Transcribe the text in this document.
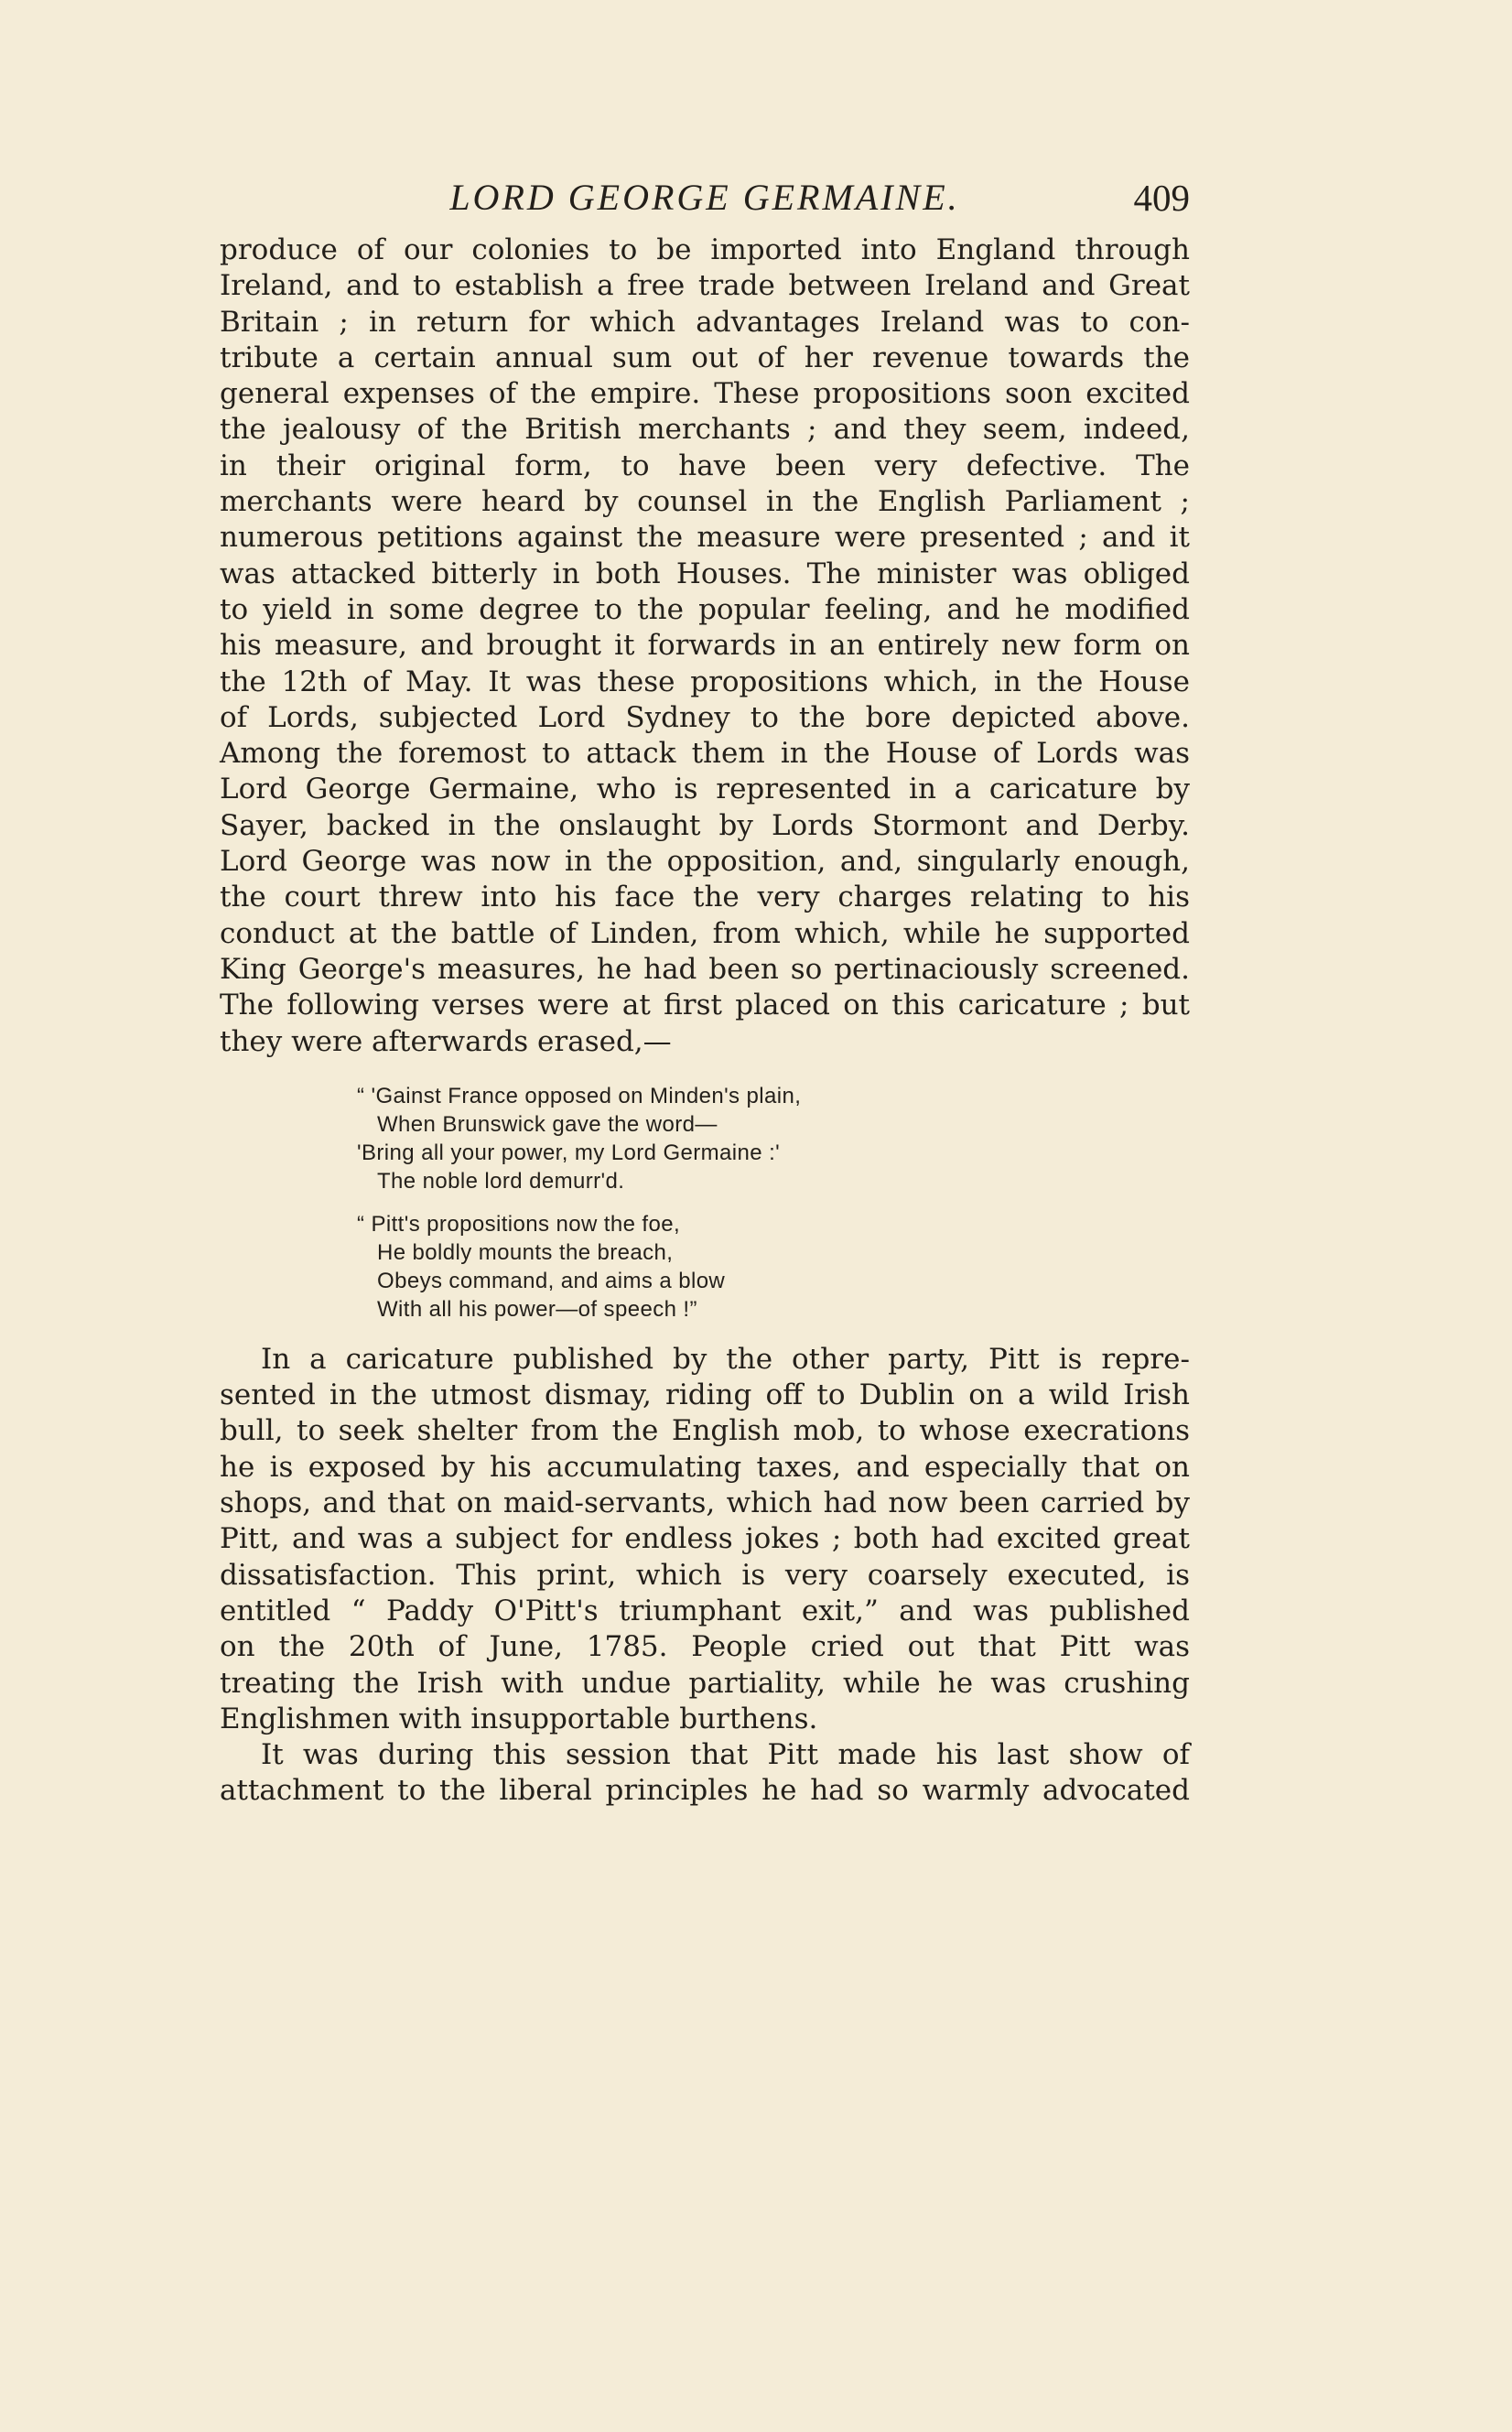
LORD GEORGE GERMAINE.	409
produce of our colonies to be imported into England through
Ireland, and to establish a free trade between Ireland and Great
Britain ; in return for which advantages Ireland was to con-
tribute a certain annual sum out of her revenue towards the
general expenses of the empire. These propositions soon excited
the jealousy of the British merchants ; and they seem, indeed,
in their original form, to have been very defective. The
merchants were heard by counsel in the English Parliament ;
numerous petitions against the measure were presented ; and it
was attacked bitterly in both Houses. The minister was obliged
to yield in some degree to the popular feeling, and he modified
his measure, and brought it forwards in an entirely new form on
the 12th of May. It was these propositions which, in the House
of Lords, subjected Lord Sydney to the bore depicted above.
Among the foremost to attack them in the House of Lords was
Lord George Germaine, who is represented in a caricature by
Sayer, backed in the onslaught by Lords Stormont and Derby.
Lord George was now in the opposition, and, singularly enough,
the court threw into his face the very charges relating to his
conduct at the battle of Linden, from which, while he supported
King George's measures, he had been so pertinaciously screened.
The following verses were at first placed on this caricature ; but
they were afterwards erased,—
“ 'Gainst France opposed on Minden's plain,
When Brunswick gave the word—
'Bring all your power, my Lord Germaine :'
The noble lord demurr'd.
“ Pitt's propositions now the foe,
He boldly mounts the breach,
Obeys command, and aims a blow
With all his power—of speech !”
In a caricature published by the other party, Pitt is repre-
sented in the utmost dismay, riding off to Dublin on a wild Irish
bull, to seek shelter from the English mob, to whose execrations
he is exposed by his accumulating taxes, and especially that on
shops, and that on maid-servants, which had now been carried by
Pitt, and was a subject for endless jokes ; both had excited great
dissatisfaction. This print, which is very coarsely executed, is
entitled “ Paddy O'Pitt's triumphant exit,” and was published
on the 20th of June, 1785. People cried out that Pitt was
treating the Irish with undue partiality, while he was crushing
Englishmen with insupportable burthens.
It was during this session that Pitt made his last show of
attachment to the liberal principles he had so warmly advocated
